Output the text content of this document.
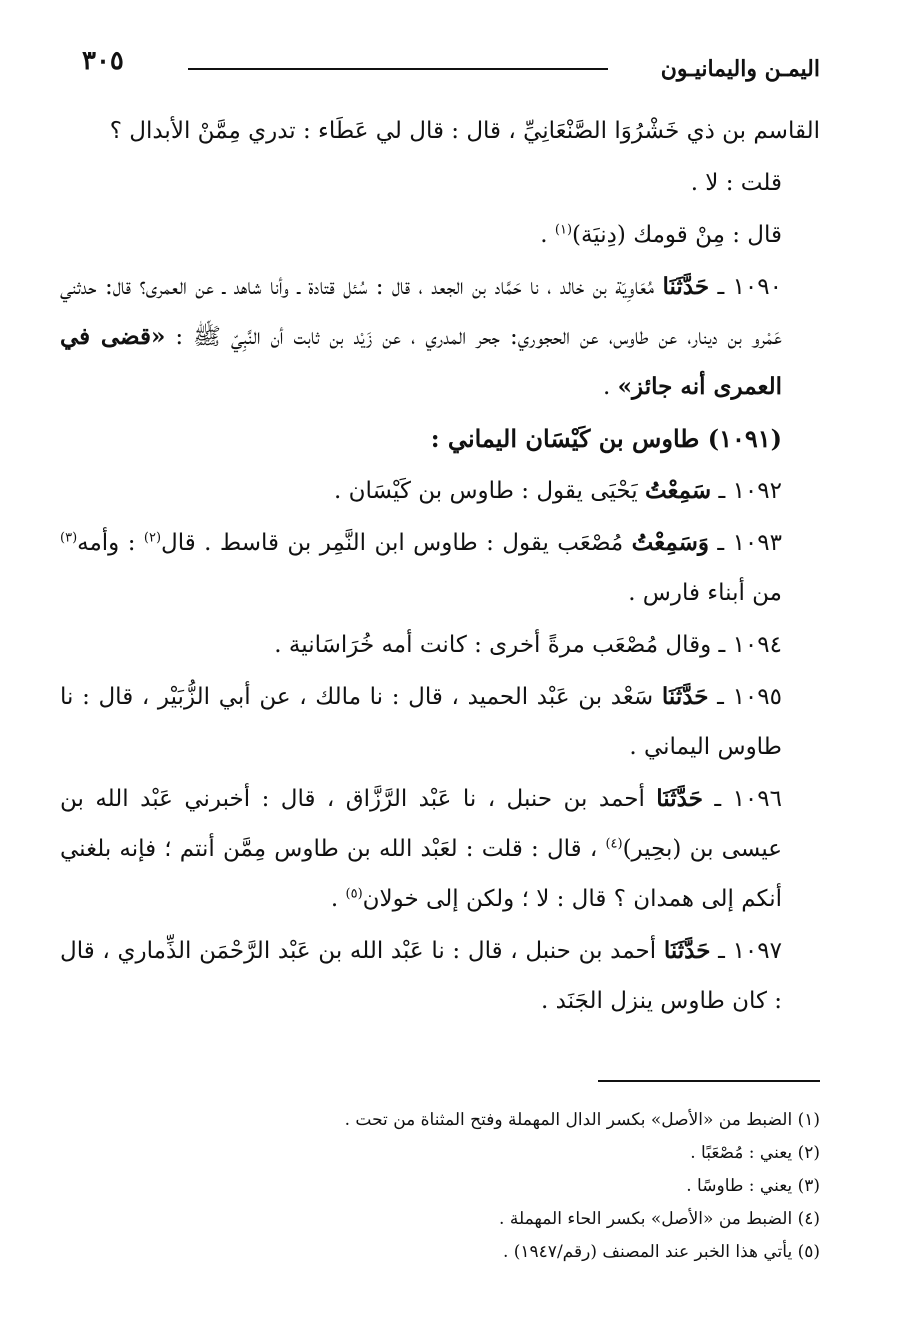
اليمـن واليمانيـون
٣٠٥

القاسم بن ذي خَشْرُوَا الصَّنْعَانِيِّ ، قال : قال لي عَطَاء : تدري مِمَّنْ الأبدال ؟

قلت : لا .

قال : مِنْ قومك (دِنيَة)$^{(١)}$ .

١٠٩٠ ـ حَدَّثَنَا مُعَاوِيَة بن خالد ، نا حَمَّاد بن الجعد ، قال : سُئل قتادة ـ وأنا شاهد ـ عن العمرى؟ قال: حدثني عَمْرو بن دينار، عن طاوس، عن الحجوري: جحر المدري ، عن زَيْد بن ثابت أن النَّبِيّ ﷺ : «قضى في العمرى أنه جائز» .

(١٠٩١) طاوس بن كَيْسَان اليماني :

١٠٩٢ ـ سَمِعْتُ يَحْيَى يقول : طاوس بن كَيْسَان .

١٠٩٣ ـ وَسَمِعْتُ مُصْعَب يقول : طاوس ابن النَّمِر بن قاسط . قال$^{(٢)}$ : وأمه$^{(٣)}$ من أبناء فارس .

١٠٩٤ ـ وقال مُصْعَب مرةً أخرى : كانت أمه خُرَاسَانية .

١٠٩٥ ـ حَدَّثَنَا سَعْد بن عَبْد الحميد ، قال : نا مالك ، عن أبي الزُّبَيْر ، قال : نا طاوس اليماني .

١٠٩٦ ـ حَدَّثَنَا أحمد بن حنبل ، نا عَبْد الرَّزَّاق ، قال : أخبرني عَبْد الله بن عيسى بن (بحِير)$^{(٤)}$ ، قال : قلت : لعَبْد الله بن طاوس مِمَّن أنتم ؛ فإنه بلغني أنكم إلى همدان ؟ قال : لا ؛ ولكن إلى خولان$^{(٥)}$ .

١٠٩٧ ـ حَدَّثَنَا أحمد بن حنبل ، قال : نا عَبْد الله بن عَبْد الرَّحْمَن الذِّماري ، قال : كان طاوس ينزل الجَنَد .

(١) الضبط من «الأصل» بكسر الدال المهملة وفتح المثناة من تحت .

(٢) يعني : مُصْعَبًا .

(٣) يعني : طاوسًا .

(٤) الضبط من «الأصل» بكسر الحاء المهملة .

(٥) يأتي هذا الخبر عند المصنف (رقم/١٩٤٧) .
